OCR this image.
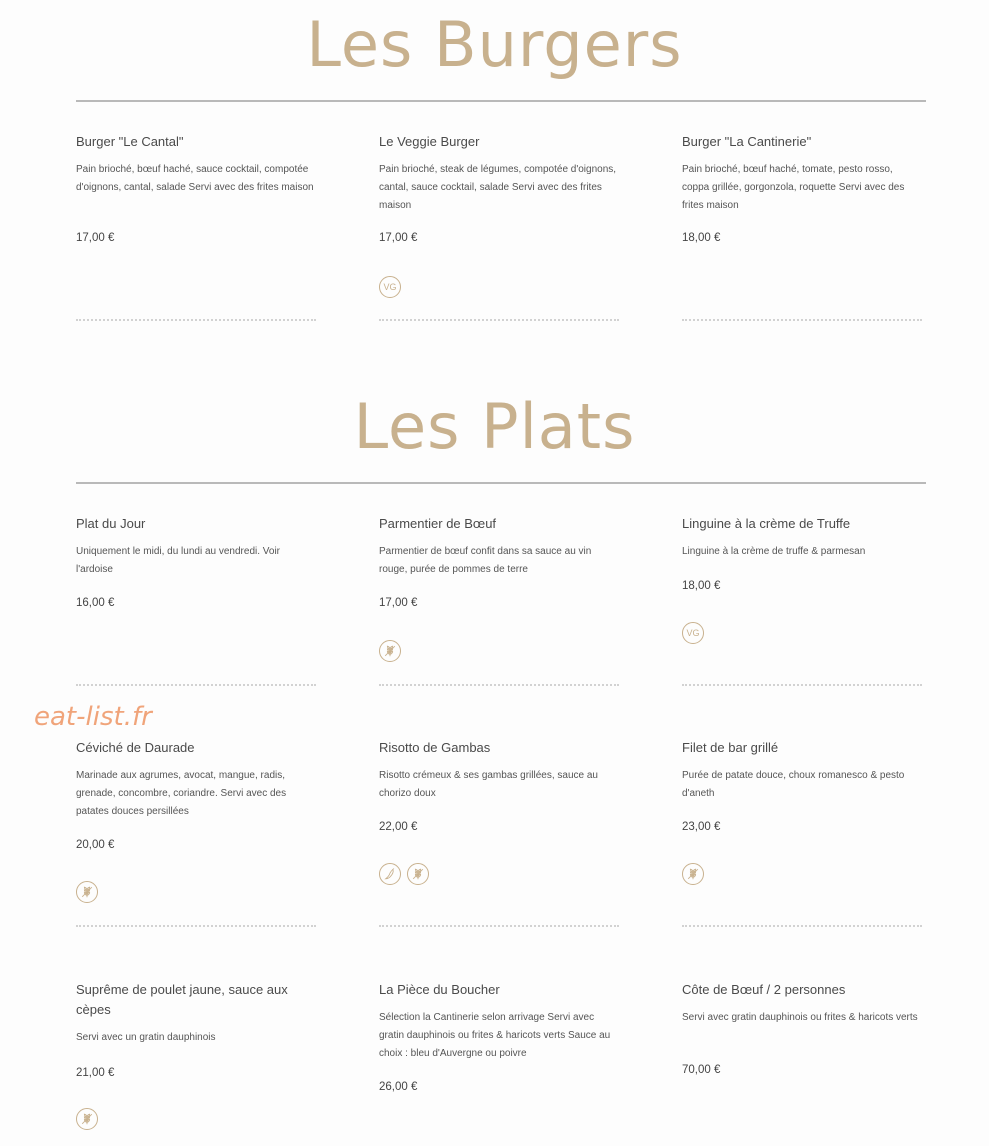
Les Burgers
Les Plats

Burger "Le Cantal"

Pain brioché, bœuf haché, sauce cocktail, compotée d'oignons, cantal, salade Servi avec des frites maison

17,00 €

Le Veggie Burger

Pain brioché, steak de légumes, compotée d'oignons, cantal, sauce cocktail, salade Servi avec des frites maison

17,00 €

VG

Burger "La Cantinerie"

Pain brioché, bœuf haché, tomate, pesto rosso, coppa grillée, gorgonzola, roquette Servi avec des frites maison

18,00 €

Plat du Jour

Uniquement le midi, du lundi au vendredi. Voir l'ardoise

16,00 €

Parmentier de Bœuf

Parmentier de bœuf confit dans sa sauce au vin rouge, purée de pommes de terre

17,00 €

Linguine à la crème de Truffe

Linguine à la crème de truffe & parmesan

18,00 €

VG

Céviché de Daurade

Marinade aux agrumes, avocat, mangue, radis, grenade, concombre, coriandre. Servi avec des patates douces persillées

20,00 €

Risotto de Gambas

Risotto crémeux & ses gambas grillées, sauce au chorizo doux

22,00 €

Filet de bar grillé

Purée de patate douce, choux romanesco & pesto d'aneth

23,00 €

Suprême de poulet jaune, sauce aux cèpes

Servi avec un gratin dauphinois

21,00 €

La Pièce du Boucher

Sélection la Cantinerie selon arrivage Servi avec gratin dauphinois ou frites & haricots verts Sauce au choix : bleu d'Auvergne ou poivre

26,00 €

Côte de Bœuf / 2 personnes

Servi avec gratin dauphinois ou frites & haricots verts

70,00 €

eat-list.fr
